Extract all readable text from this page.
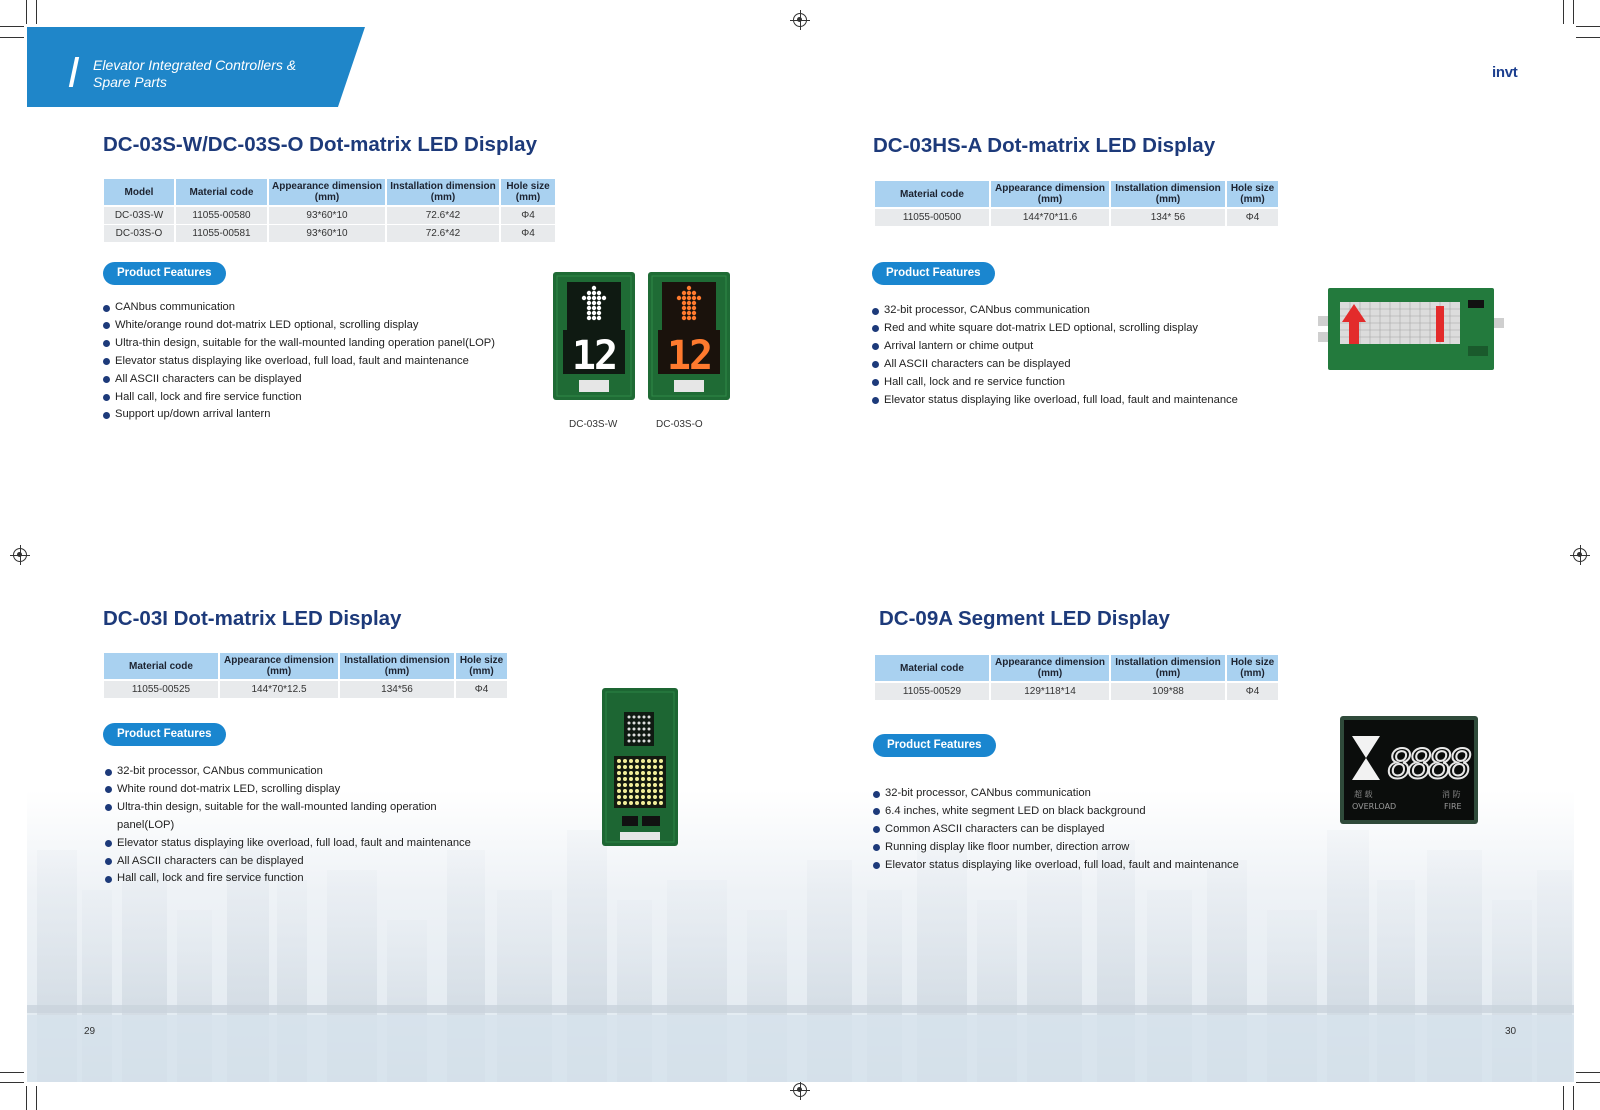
Elevator Integrated Controllers &
Spare Parts
invt
DC-03S-W/DC-03S-O Dot-matrix LED Display
Model	Material code	Appearance dimension (mm)	Installation dimension (mm)	Hole size (mm)
DC-03S-W	11055-00580	93*60*10	72.6*42	Φ4
DC-03S-O	11055-00581	93*60*10	72.6*42	Φ4
Product Features
CANbus communication
White/orange round dot-matrix LED optional, scrolling display
Ultra-thin design, suitable for the wall-mounted landing operation panel(LOP)
Elevator status displaying like overload, full load, fault and maintenance
All ASCII characters can be displayed
Hall call, lock and fire service function
Support up/down arrival lantern
12 12
DC-03S-W	DC-03S-O
DC-03HS-A Dot-matrix LED Display
Material code	Appearance dimension (mm)	Installation dimension (mm)	Hole size (mm)
11055-00500	144*70*11.6	134* 56	Φ4
Product Features
32-bit processor, CANbus communication
Red and white square dot-matrix LED optional, scrolling display
Arrival lantern or chime output
All ASCII characters can be displayed
Hall call, lock and re service function
Elevator status displaying like overload, full load, fault and maintenance
DC-03I Dot-matrix LED Display
Material code	Appearance dimension (mm)	Installation dimension (mm)	Hole size (mm)
11055-00525	144*70*12.5	134*56	Φ4
Product Features
32-bit processor, CANbus communication
White round dot-matrix LED, scrolling display
Ultra-thin design, suitable for the wall-mounted landing operation panel(LOP)
Elevator status displaying like overload, full load, fault and maintenance
All ASCII characters can be displayed
Hall call, lock and fire service function
DC-09A Segment LED Display
Material code	Appearance dimension (mm)	Installation dimension (mm)	Hole size (mm)
11055-00529	129*118*14	109*88	Φ4
Product Features
32-bit processor, CANbus communication
6.4 inches, white segment LED on black background
Common ASCII characters can be displayed
Running display like floor number, direction arrow
Elevator status displaying like overload, full load, fault and maintenance
8888
超 载	消 防
OVERLOAD	FIRE
29	30
